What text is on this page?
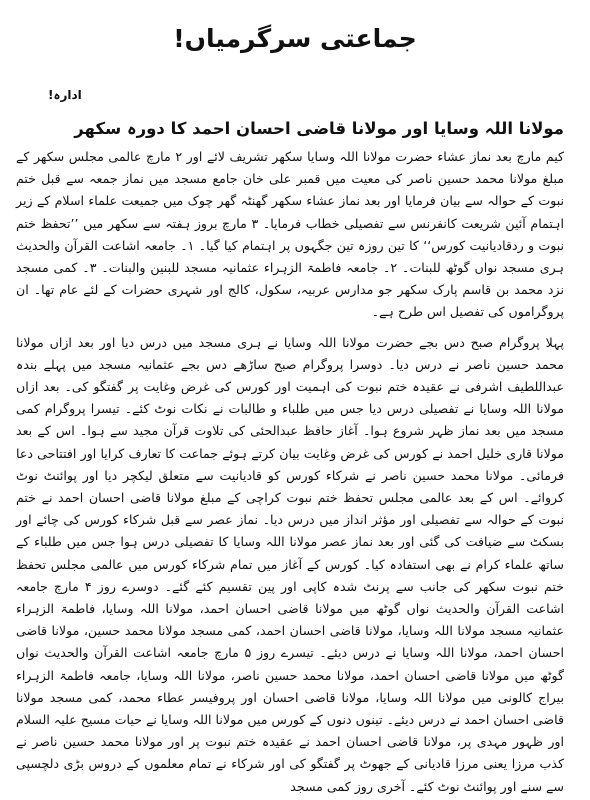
جماعتی سرگرمیاں!
ادارہ!
مولانا اللہ وسایا اور مولانا قاضی احسان احمد کا دورہ سکھر

کیم مارچ بعد نماز عشاء حضرت مولانا اللہ وسایا سکھر تشریف لائے اور ۲ مارچ عالمی مجلس سکھر کے مبلغ مولانا محمد حسین ناصر کی معیت میں قمبر علی خان جامع مسجد میں نماز جمعہ سے قبل ختم نبوت کے حوالہ سے بیان فرمایا اور بعد نماز عشاء سکھر گھنٹہ گھر چوک میں جمیعت علماء اسلام کے زیر اہتمام آئین شریعت کانفرنس سے تفصیلی خطاب فرمایا۔ ۳ مارچ بروز ہفتہ سے سکھر میں ’’تحفظ ختم نبوت و ردقادیانیت کورس‘‘ کا تین روزہ تین جگہوں پر اہتمام کیا گیا۔ ۱۔ جامعہ اشاعت القرآن والحدیث ہری مسجد نواں گوٹھ للبنات۔ ۲۔ جامعہ فاطمۃ الزہراء عثمانیہ مسجد للبنین والبنات۔ ۳۔ کمی مسجد نزد محمد بن قاسم پارک سکھر جو مدارس عربیہ، سکول، کالج اور شہری حضرات کے لئے عام تھا۔ ان پروگراموں کی تفصیل اس طرح ہے۔

پہلا پروگرام صبح دس بجے حضرت مولانا اللہ وسایا نے ہری مسجد میں درس دیا اور بعد ازاں مولانا محمد حسین ناصر نے درس دیا۔ دوسرا پروگرام صبح ساڑھے دس بجے عثمانیہ مسجد میں پہلے بندہ عبداللطیف اشرفی نے عقیدہ ختم نبوت کی اہمیت اور کورس کی غرض وغایت پر گفتگو کی۔ بعد ازاں مولانا اللہ وسایا نے تفصیلی درس دیا جس میں طلباء و طالبات نے نکات نوٹ کئے۔ تیسرا پروگرام کمی مسجد میں بعد نماز ظہر شروع ہوا۔ آغاز حافظ عبدالحئی کی تلاوت قرآن مجید سے ہوا۔ اس کے بعد مولانا قاری خلیل احمد نے کورس کی غرض وغایت بیان کرتے ہوئے جماعت کا تعارف کرایا اور افتتاحی دعا فرمائی۔ مولانا محمد حسین ناصر نے شرکاء کورس کو قادیانیت سے متعلق لیکچر دیا اور پوائنٹ نوٹ کروائے۔ اس کے بعد عالمی مجلس تحفظ ختم نبوت کراچی کے مبلغ مولانا قاضی احسان احمد نے ختم نبوت کے حوالہ سے تفصیلی اور مؤثر انداز میں درس دیا۔ نماز عصر سے قبل شرکاء کورس کی چائے اور بسکٹ سے ضیافت کی گئی اور بعد نماز عصر مولانا اللہ وسایا کا تفصیلی درس ہوا جس میں طلباء کے ساتھ علماء کرام نے بھی استفادہ کیا۔ کورس کے آغاز میں تمام شرکاء کورس میں عالمی مجلس تحفظ ختم نبوت سکھر کی جانب سے پرنٹ شدہ کاپی اور پین تقسیم کئے گئے۔ دوسرے روز ۴ مارچ جامعہ اشاعت القرآن والحدیث نواں گوٹھ میں مولانا قاضی احسان احمد، مولانا اللہ وسایا، فاطمۃ الزہراء عثمانیہ مسجد مولانا اللہ وسایا، مولانا قاضی احسان احمد، کمی مسجد مولانا محمد حسین، مولانا قاضی احسان احمد، مولانا اللہ وسایا نے درس دیئے۔ تیسرے روز ۵ مارچ جامعہ اشاعت القرآن والحدیث نواں گوٹھ میں مولانا قاضی احسان احمد، مولانا محمد حسین ناصر، مولانا اللہ وسایا، جامعہ فاطمۃ الزہراء بیراج کالونی میں مولانا اللہ وسایا، مولانا قاضی احسان اور پروفیسر عطاء محمد، کمی مسجد مولانا قاضی احسان احمد نے درس دیئے۔ تینوں دنوں کے کورس میں مولانا اللہ وسایا نے حیات مسیح علیہ السلام اور ظہور مہدی پر، مولانا قاضی احسان احمد نے عقیدہ ختم نبوت پر اور مولانا محمد حسین ناصر نے کذب مرزا یعنی مرزا قادیانی کے جھوٹ پر گفتگو کی اور شرکاء نے تمام معلموں کے دروس بڑی دلچسپی سے سنے اور پوائنٹ نوٹ کئے۔ آخری روز کمی مسجد
